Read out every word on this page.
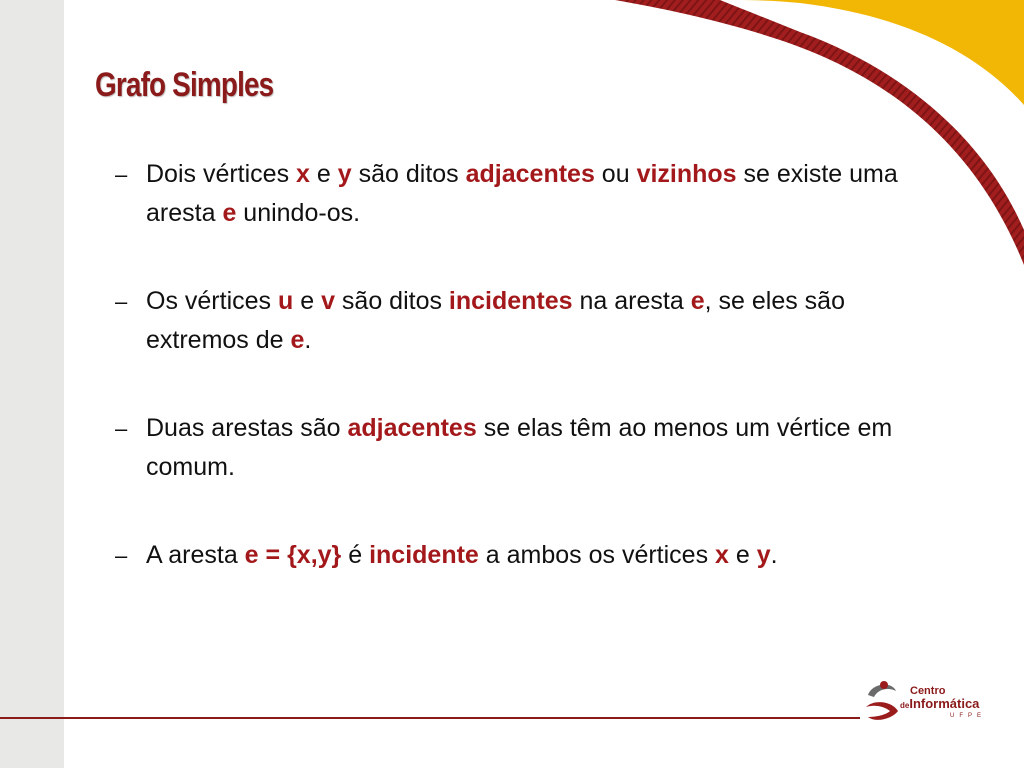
Grafo Simples
– Dois vértices x e y são ditos adjacentes ou vizinhos se existe uma aresta e unindo-os.
– Os vértices u e v são ditos incidentes na aresta e, se eles são extremos de e.
– Duas arestas são adjacentes se elas têm ao menos um vértice em comum.
– A aresta e = {x,y} é incidente a ambos os vértices x e y.
Centro
deInformática
UFPE
